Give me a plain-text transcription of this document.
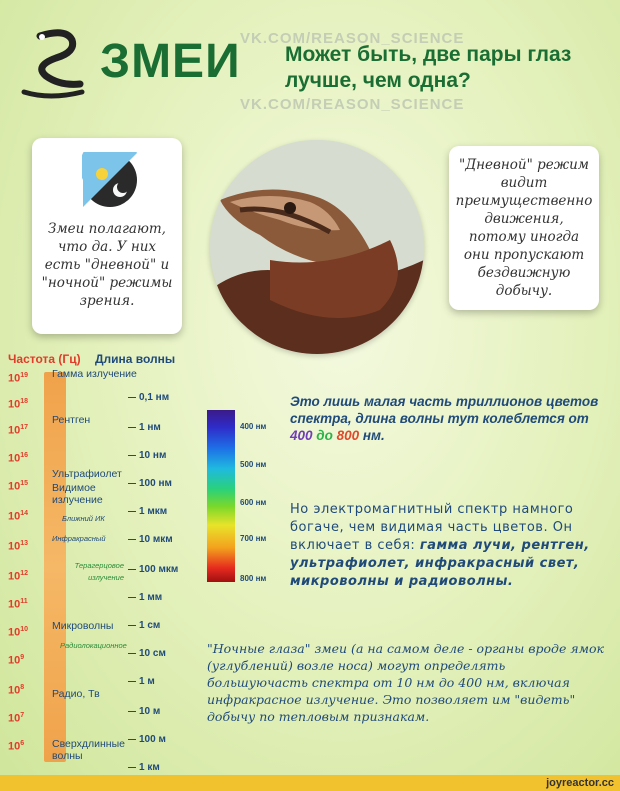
VK.COM/REASON_SCIENCE
VK.COM/REASON_SCIENCE
ЗМЕИ Может быть, две пары глаз лучше, чем одна?
Змеи полагают, что да. У них есть "дневной" и "ночной" режимы зрения.
"Дневной" режим видит преимущественно движения, потому иногда они пропускают бездвижную добычу.
Частота (Гц) Длина волны
$10^{19}$
$10^{18}$
$10^{17}$
$10^{16}$
$10^{15}$
$10^{14}$
$10^{13}$
$10^{12}$
$10^{11}$
$10^{10}$
$10^9$
$10^8$
$10^7$
$10^6$
Гамма излучение
Рентген
Ультрафиолет
Видимое излучение
Ближний ИК
Инфракрасный
Терагерцовое излучение
Микроволны
Радиолокационное
Радио, Тв
Сверхдлинные волны
0,1 нм
1 нм
10 нм
100 нм
1 мкм
10 мкм
100 мкм
1 мм
1 см
10 см
1 м
10 м
100 м
1 км
400 нм
500 нм
600 нм
700 нм
800 нм
Это лишь малая часть триллионов цветов спектра, длина волны тут колеблется от 400 до 800 нм.
Но электромагнитный спектр намного богаче, чем видимая часть цветов. Он включает в себя: гамма лучи, рентген, ультрафиолет, инфракрасный свет, микроволны и радиоволны.
"Ночные глаза" змеи (а на самом деле - органы вроде ямок (углублений) возле носа) могут определять большуючасть спектра от 10 нм до 400 нм, включая инфракрасное излучение. Это позволяет им "видеть" добычу по тепловым признакам.
joyreactor.cc
